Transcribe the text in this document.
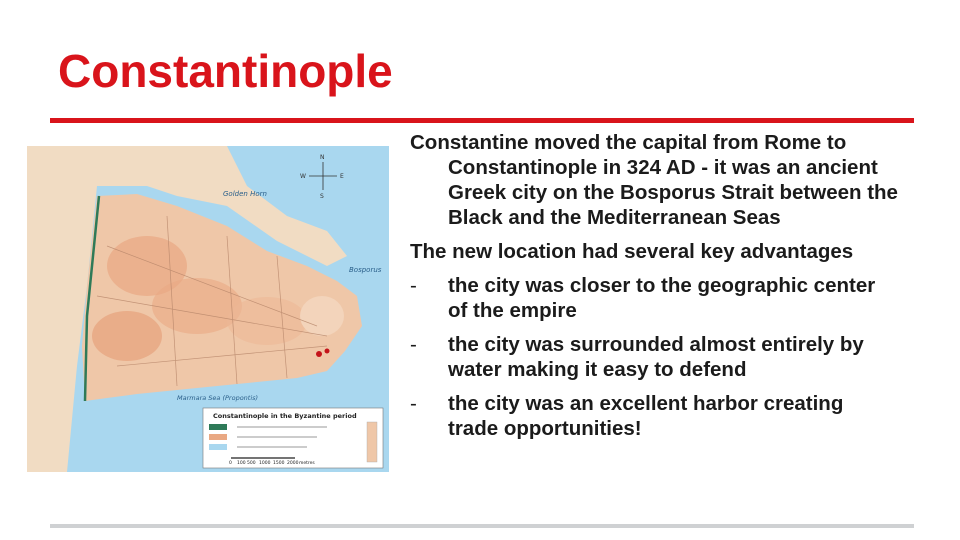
Constantinople
N
S
E
W
Golden Horn
Bosporus
Marmara Sea (Propontis)
Constantinople in the Byzantine period
0 100 500 1000 1500 2000 metres

Constantine moved the capital from Rome to Constantinople in 324 AD - it was an ancient Greek city on the Bosporus Strait between the Black and the Mediterranean Seas

The new location had several key advantages

- the city was closer to the geographic center of the empire
- the city was surrounded almost entirely by water making it easy to defend
- the city was an excellent harbor creating trade opportunities!
